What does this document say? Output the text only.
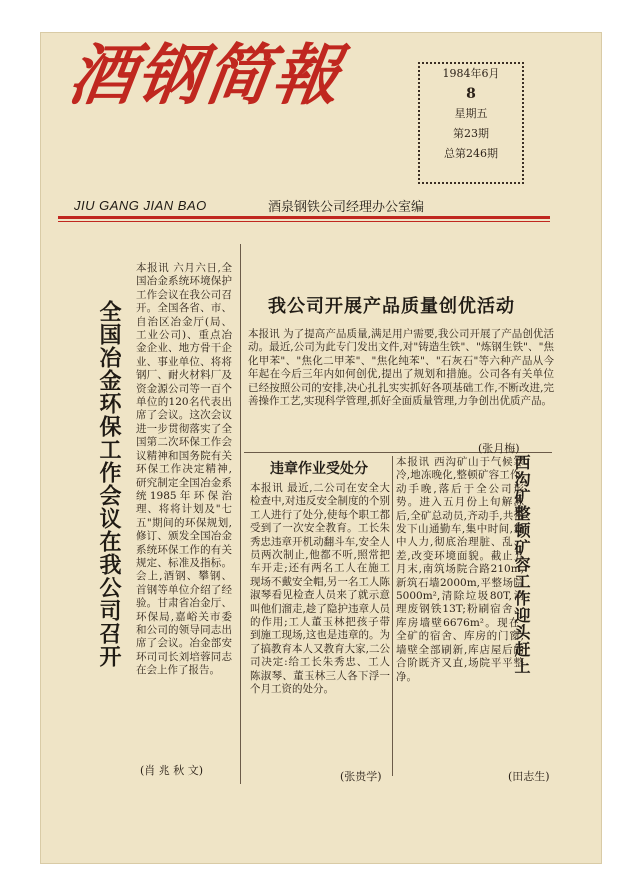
酒钢简報	1984年6月
8
星期五
第23期
总第246期
JIU GANG JIAN BAO	酒泉钢铁公司经理办公室编
全国冶金环保工作会议在我公司召开
本报讯 六月六日,全国冶金系统环境保护工作会议在我公司召开。全国各省、市、自治区冶金厅(局、工业公司)、重点冶金企业、地方骨干企业、事业单位、将将钢厂、耐火材料厂及资金源公司等一百个单位的120名代表出席了会议。这次会议进一步贯彻落实了全国第二次环保工作会议精神和国务院有关环保工作决定精神,研究制定全国冶金系统1985年环保治理、将将计划及"七五"期间的环保规划,修订、颁发全国冶金系统环保工作的有关规定、标准及指标。会上,酒钢、攀钢、首钢等单位介绍了经验。甘肃省冶金厅、环保局,嘉峪关市委和公司的领导同志出席了会议。冶金部安环司司长刘培蓉同志在会上作了报告。
(肖 兆 秋 文)
我公司开展产品质量创优活动
本报讯 为了提高产品质量,满足用户需要,我公司开展了产品创优活动。最近,公司为此专门发出文件,对"铸造生铁"、"炼钢生铁"、"焦化甲苯"、"焦化二甲苯"、"焦化纯苯"、"石灰石"等六种产品从今年起在今后三年内如何创优,提出了规划和措施。公司各有关单位已经按照公司的安排,决心扎扎实实抓好各项基础工作,不断改进,完善操作工艺,实现科学管理,抓好全面质量管理,力争创出优质产品。
(张月梅)
违章作业受处分
本报讯 最近,二公司在安全大检查中,对违反安全制度的个别工人进行了处分,使每个职工都受到了一次安全教育。工长朱秀忠违章开机动翻斗车,安全人员两次制止,他都不听,照常把车开走;还有两名工人在施工现场不戴安全帽,另一名工人陈淑琴看见检查人员来了就示意叫他们溜走,趁了隐护违章人员的作用;工人董玉林把孩子带到施工现场,这也是违章的。为了搞教育本人又教育大家,二公司决定:给工长朱秀忠、工人陈淑琴、董玉林三人各下浮一个月工资的处分。
(张贵学)
西沟矿整顿矿容工作迎头赶上
本报讯 西沟矿山于气候寒冷,地冻晚化,整顿矿容工作,动手晚,落后于全公司形势。进入五月份上旬解冻后,全矿总动员,齐动手,共带发下山通勤车,集中时间,集中人力,彻底治理脏、乱、差,改变环境面貌。截止五月末,南筑场院合路210m,新筑石墙2000m,平整场院5000m²,清除垃圾80T,消理废钢铁13T;粉刷宿舍、库房墙壁6676m²。现在,全矿的宿舍、库房的门窗,墙壁全部刷新,库店屋后的合阶既齐又直,场院平平整净。
(田志生)
